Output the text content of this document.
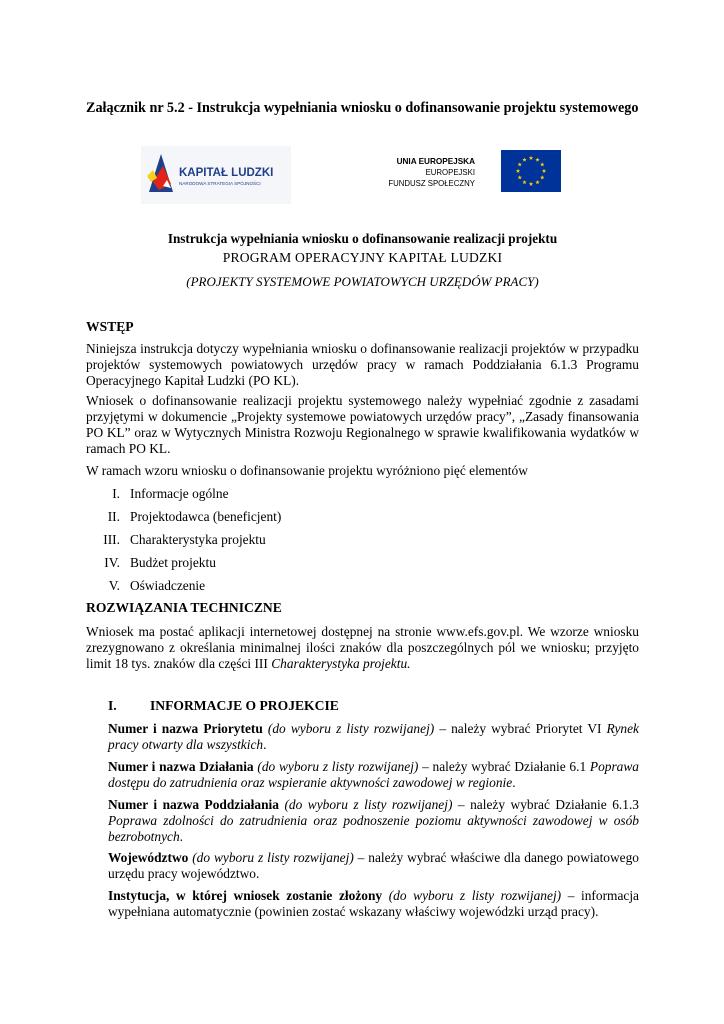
Załącznik nr 5.2 - Instrukcja wypełniania wniosku o dofinansowanie projektu systemowego
KAPITAŁ LUDZKI
NARODOWA STRATEGIA SPÓJNOŚCI
UNIA EUROPEJSKA
EUROPEJSKI
FUNDUSZ SPOŁECZNY
Instrukcja wypełniania wniosku o dofinansowanie realizacji projektu
PROGRAM OPERACYJNY KAPITAŁ LUDZKI
(PROJEKTY SYSTEMOWE POWIATOWYCH URZĘDÓW PRACY)
WSTĘP
Niniejsza instrukcja dotyczy wypełniania wniosku o dofinansowanie realizacji projektów w przypadku projektów systemowych powiatowych urzędów pracy w ramach Poddziałania 6.1.3 Programu Operacyjnego Kapitał Ludzki (PO KL).
Wniosek o dofinansowanie realizacji projektu systemowego należy wypełniać zgodnie z zasadami przyjętymi w dokumencie „Projekty systemowe powiatowych urzędów pracy”, „Zasady finansowania PO KL” oraz w Wytycznych Ministra Rozwoju Regionalnego w sprawie kwalifikowania wydatków w ramach PO KL.
W ramach wzoru wniosku o dofinansowanie projektu wyróżniono pięć elementów
I. Informacje ogólne
II. Projektodawca (beneficjent)
III. Charakterystyka projektu
IV. Budżet projektu
V. Oświadczenie
ROZWIĄZANIA TECHNICZNE
Wniosek ma postać aplikacji internetowej dostępnej na stronie www.efs.gov.pl. We wzorze wniosku zrezygnowano z określania minimalnej ilości znaków dla poszczególnych pól we wniosku; przyjęto limit 18 tys. znaków dla części III Charakterystyka projektu.
I. INFORMACJE O PROJEKCIE
Numer i nazwa Priorytetu (do wyboru z listy rozwijanej) – należy wybrać Priorytet VI Rynek pracy otwarty dla wszystkich.
Numer i nazwa Działania (do wyboru z listy rozwijanej) – należy wybrać Działanie 6.1 Poprawa dostępu do zatrudnienia oraz wspieranie aktywności zawodowej w regionie.
Numer i nazwa Poddziałania (do wyboru z listy rozwijanej) – należy wybrać Działanie 6.1.3 Poprawa zdolności do zatrudnienia oraz podnoszenie poziomu aktywności zawodowej w osób bezrobotnych.
Województwo (do wyboru z listy rozwijanej) – należy wybrać właściwe dla danego powiatowego urzędu pracy województwo.
Instytucja, w której wniosek zostanie złożony (do wyboru z listy rozwijanej) – informacja wypełniana automatycznie (powinien zostać wskazany właściwy wojewódzki urząd pracy).
